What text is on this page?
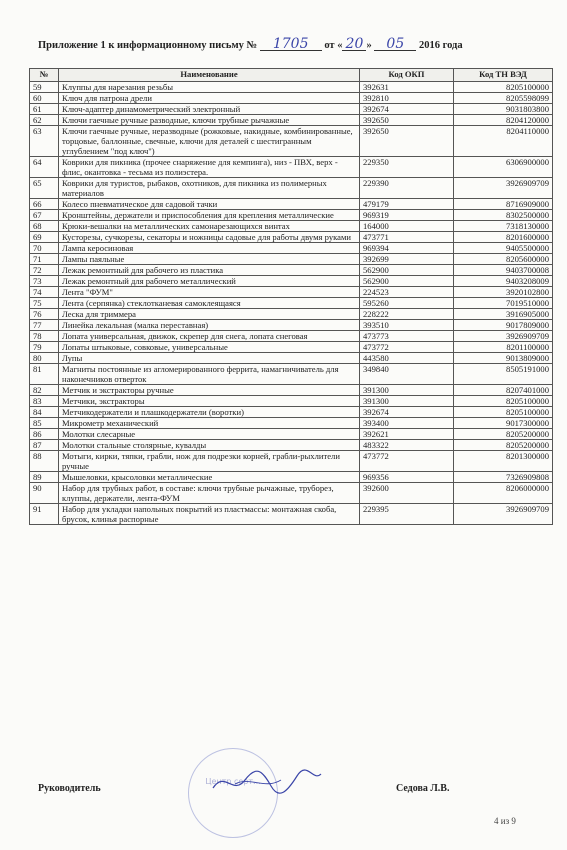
Приложение 1 к информационному письму № 1705 от « 20 » 05 2016 года
№	Наименование	Код ОКП	Код ТН ВЭД
59	Клуппы для нарезания резьбы	392631	8205100000
60	Ключ для патрона дрели	392810	8205598099
61	Ключ-адаптер динамометрический электронный	392674	9031803800
62	Ключи гаечные ручные разводные, ключи трубные рычажные	392650	8204120000
63	Ключи гаечные ручные, неразводные (рожковые, накидные, комбинированные, торцовые, баллонные, свечные, ключи для деталей с шестигранным углублением "под ключ")	392650	8204110000
64	Коврики для пикника (прочее снаряжение для кемпинга), низ - ПВХ, верх - флис, окантовка - тесьма из полиэстера.	229350	6306900000
65	Коврики для туристов, рыбаков, охотников, для пикника из полимерных материалов	229390	3926909709
66	Колесо пневматическое для садовой тачки	479179	8716909000
67	Кронштейны, держатели и приспособления для крепления металлические	969319	8302500000
68	Крюки-вешалки на металлических самонарезающихся винтах	164000	7318130000
69	Кусторезы, сучкорезы, секаторы и ножницы садовые для работы двумя руками	473771	8201600000
70	Лампа керосиновая	969394	9405500000
71	Лампы паяльные	392699	8205600000
72	Лежак ремонтный для рабочего из пластика	562900	9403700008
73	Лежак ремонтный для рабочего металлический	562900	9403208009
74	Лента "ФУМ"	224523	3920102800
75	Лента (серпянка) стеклотканевая самоклеящаяся	595260	7019510000
76	Леска для триммера	228222	3916905000
77	Линейка лекальная (малка переставная)	393510	9017809000
78	Лопата универсальная, движок, скрепер для снега, лопата снеговая	473773	3926909709
79	Лопаты штыковые, совковые, универсальные	473772	8201100000
80	Лупы	443580	9013809000
81	Магниты постоянные из агломерированного феррита, намагничиватель для наконечников отверток	349840	8505191000
82	Метчик и экстракторы ручные	391300	8207401000
83	Метчики, экстракторы	391300	8205100000
84	Метчикодержатели и плашкодержатели (воротки)	392674	8205100000
85	Микрометр механический	393400	9017300000
86	Молотки слесарные	392621	8205200000
87	Молотки стальные столярные, кувалды	483322	8205200000
88	Мотыги, кирки, тяпки, грабли, нож для подрезки корней, грабли-рыхлители ручные	473772	8201300000
89	Мышеловки, крысоловки металлические	969356	7326909808
90	Набор для трубных работ, в составе: ключи трубные рычажные, труборез, клуппы, держатели, лента-ФУМ	392600	8206000000
91	Набор для укладки напольных покрытий из пластмассы: монтажная скоба, брусок, клинья распорные	229395	3926909709
Руководитель	Седова Л.В.
Центр серт...
4 из 9
